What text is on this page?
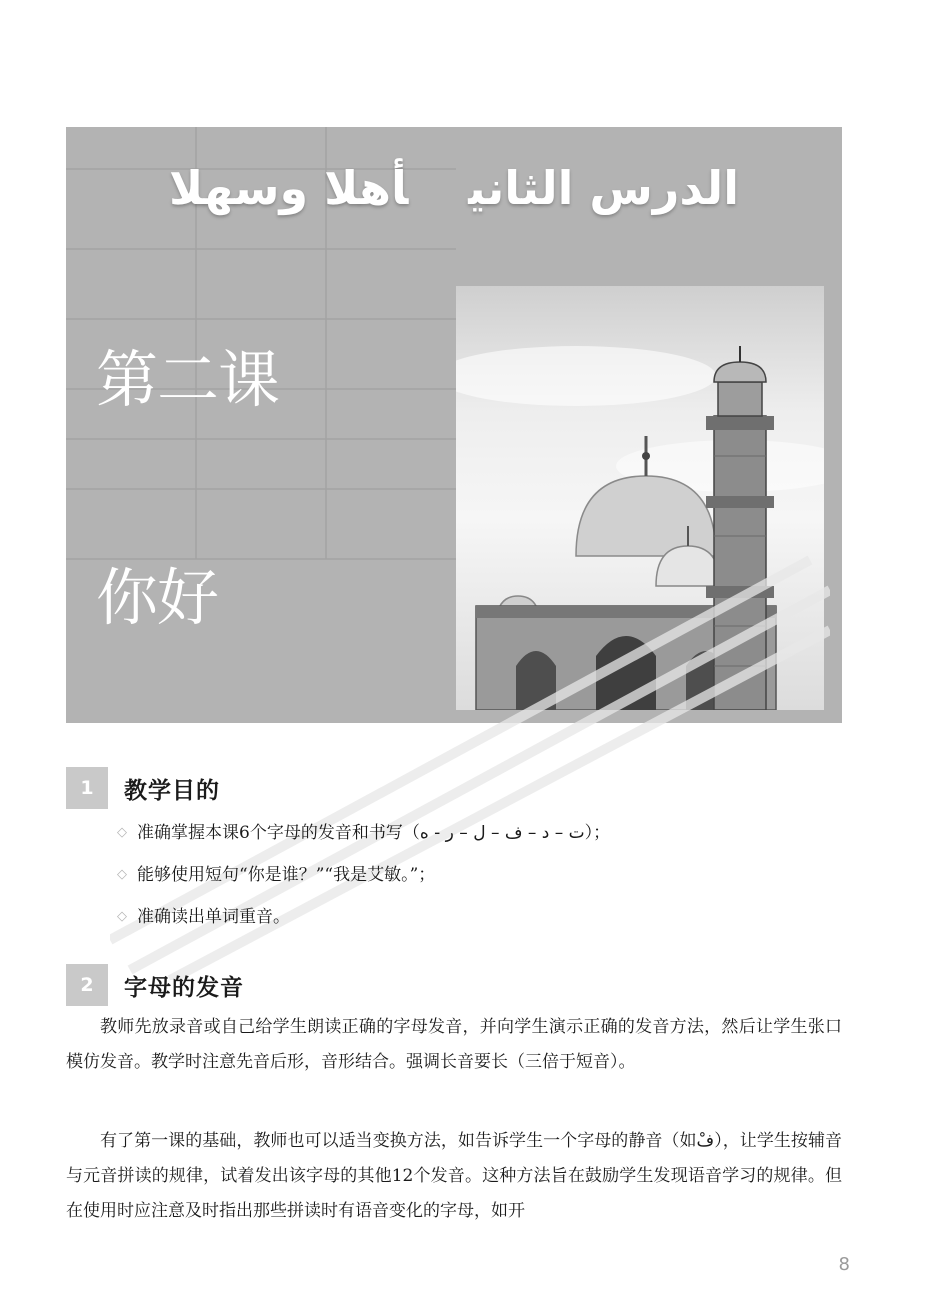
الدرس الثانيأهلا وسهلا
第二课
你好
1	教学目的
◇ 准确掌握本课6个字母的发音和书写（ ت – د – ف – ل – ر - ه ）；
◇ 能够使用短句“你是谁？”“我是艾敏。”；
◇ 准确读出单词重音。
2	字母的发音

教师先放录音或自己给学生朗读正确的字母发音，并向学生演示正确的发音方法，然后让学生张口模仿发音。教学时注意先音后形，音形结合。强调长音要长（三倍于短音）。

有了第一课的基础，教师也可以适当变换方法，如告诉学生一个字母的静音（如فْ），让学生按辅音与元音拼读的规律，试着发出该字母的其他12个发音。这种方法旨在鼓励学生发现语音学习的规律。但在使用时应注意及时指出那些拼读时有语音变化的字母，如开

8
